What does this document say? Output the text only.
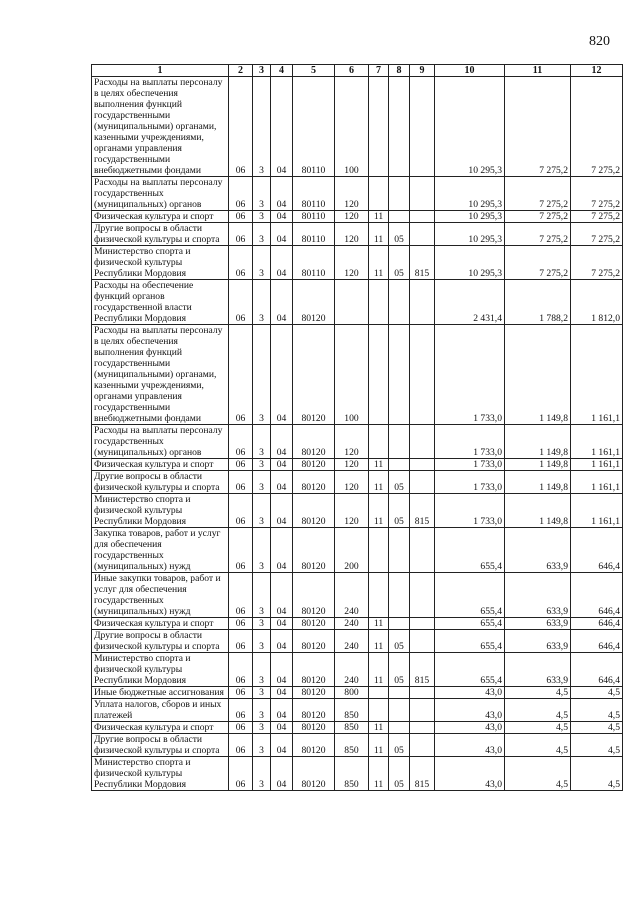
820
1	2	3	4	5	6	7	8	9	10	11	12
Расходы на выплаты персоналу в целях обеспечения выполнения функций государственными (муниципальными) органами, казенными учреждениями, органами управления государственными внебюджетными фондами	06	3	04	80110	100				10 295,3	7 275,2	7 275,2
Расходы на выплаты персоналу государственных (муниципальных) органов	06	3	04	80110	120				10 295,3	7 275,2	7 275,2
Физическая культура и спорт	06	3	04	80110	120	11			10 295,3	7 275,2	7 275,2
Другие вопросы в области физической культуры и спорта	06	3	04	80110	120	11	05		10 295,3	7 275,2	7 275,2
Министерство спорта и физической культуры Республики Мордовия	06	3	04	80110	120	11	05	815	10 295,3	7 275,2	7 275,2
Расходы на обеспечение функций органов государственной власти Республики Мордовия	06	3	04	80120					2 431,4	1 788,2	1 812,0
Расходы на выплаты персоналу в целях обеспечения выполнения функций государственными (муниципальными) органами, казенными учреждениями, органами управления государственными внебюджетными фондами	06	3	04	80120	100				1 733,0	1 149,8	1 161,1
Расходы на выплаты персоналу государственных (муниципальных) органов	06	3	04	80120	120				1 733,0	1 149,8	1 161,1
Физическая культура и спорт	06	3	04	80120	120	11			1 733,0	1 149,8	1 161,1
Другие вопросы в области физической культуры и спорта	06	3	04	80120	120	11	05		1 733,0	1 149,8	1 161,1
Министерство спорта и физической культуры Республики Мордовия	06	3	04	80120	120	11	05	815	1 733,0	1 149,8	1 161,1
Закупка товаров, работ и услуг для обеспечения государственных (муниципальных) нужд	06	3	04	80120	200				655,4	633,9	646,4
Иные закупки товаров, работ и услуг для обеспечения государственных (муниципальных) нужд	06	3	04	80120	240				655,4	633,9	646,4
Физическая культура и спорт	06	3	04	80120	240	11			655,4	633,9	646,4
Другие вопросы в области физической культуры и спорта	06	3	04	80120	240	11	05		655,4	633,9	646,4
Министерство спорта и физической культуры Республики Мордовия	06	3	04	80120	240	11	05	815	655,4	633,9	646,4
Иные бюджетные ассигнования	06	3	04	80120	800				43,0	4,5	4,5
Уплата налогов, сборов и иных платежей	06	3	04	80120	850				43,0	4,5	4,5
Физическая культура и спорт	06	3	04	80120	850	11			43,0	4,5	4,5
Другие вопросы в области физической культуры и спорта	06	3	04	80120	850	11	05		43,0	4,5	4,5
Министерство спорта и физической культуры Республики Мордовия	06	3	04	80120	850	11	05	815	43,0	4,5	4,5
